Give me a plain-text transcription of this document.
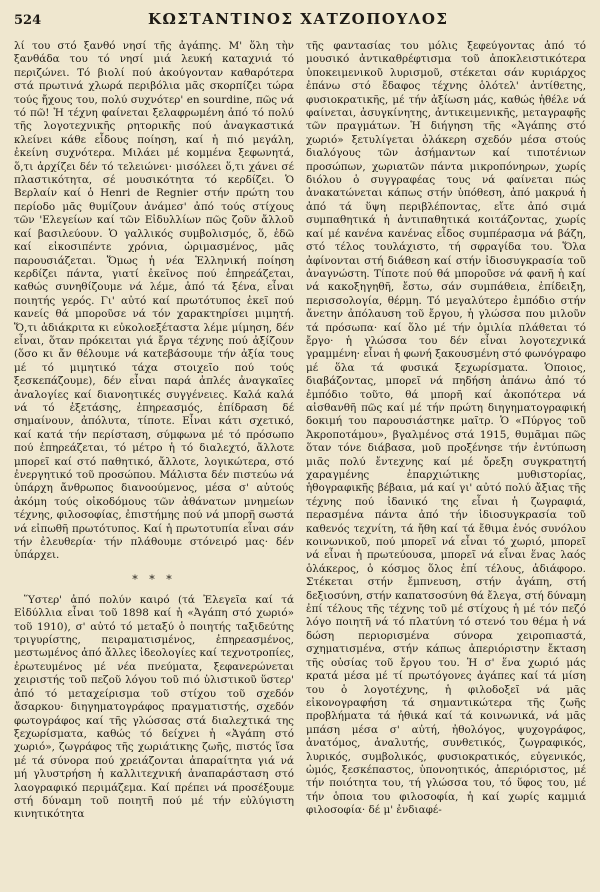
524	ΚΩΣΤΑΝΤΙΝΟΣ ΧΑΤΖΟΠΟΥΛΟΣ

λί του στό ξανθό νησί τῆς ἀγάπης. Μ' ὅλη τὴν ξανθάδα του τό νησί μιά λευκή καταχνιά τό περιζώνει. Τό βιολί πού ἀκούγονταν καθαρότερα στά πρωτινά χλωρά περιβόλια μᾶς σκορπίζει τώρα τούς ἤχους του, πολύ συχνότερ' en sourdine, πῶς νά τό πῶ! Ἡ τέχνη φαίνεται ξελαφρωμένη ἀπό τό πολύ τῆς λογοτεχνικῆς ρητορικῆς πού ἀναγκαστικά κλείνει κάθε εἶδους ποίηση, καί ἡ πιό μεγάλη, ἐκείνη συχνότερα. Μιλάει μέ κομμένα ξεφωνητά, ὅ,τι ἀρχίζει δέν τό τελειώνει· μισόλεει ὅ,τι χάνει σέ πλαστικότητα, σέ μουσικότητα τό κερδίζει. Ὁ Βερλαίν καί ὁ Henri de Regnier στήν πρώτη του περίοδο μᾶς θυμίζουν ἀνάμεσ' ἀπό τούς στίχους τῶν 'Ελεγείων καί τῶν Εἰδυλλίων πῶς ζοῦν ἄλλοῦ καί βασιλεύουν. Ὁ γαλλικός συμβολισμός, ὅ, ἐδῶ καί εἰκοσιπέντε χρόνια, ὡριμασμένος, μᾶς παρουσιάζεται. Ὅμως ἡ νέα Ἑλληνική ποίηση κερδίζει πάντα, γιατί ἐκεῖνος πού ἐπηρεάζεται, καθώς συνηθίζουμε νά λέμε, ἀπό τά ξένα, εἶναι ποιητής γερός. Γι' αὐτό καί πρωτότυπος ἐκεῖ πού κανείς θά μποροῦσε νά τόν χαρακτηρίσει μιμητή. Ὅ,τι ἀδιάκριτα κι εὐκολοεξέταστα λέμε μίμηση, δέν εἶναι, ὅταν πρόκειται γιά ἔργα τέχνης πού ἀξίζουν (ὅσο κι ἄν θέλουμε νά κατεβάσουμε τήν ἀξία τους μέ τό μιμητικό τάχα στοιχεῖο πού τούς ξεσκεπάζουμε), δέν εἶναι παρά ἁπλές ἀναγκαῖες ἀναλογίες καί διανοητικές συγγένειες. Καλά καλά νά τό ἐξετάσης, ἐπηρεασμός, ἐπίδραση δέ σημαίνουν, ἀπόλυτα, τίποτε. Εἶναι κάτι σχετικό, καί κατά τήν περίσταση, σύμφωνα μέ τό πρόσωπο πού ἐπηρεάζεται, τό μέτρο ἡ τό διαλεχτό, ἄλλοτε μπορεῖ καί στό παθητικό, ἄλλοτε, λογικώτερα, στό ἐνεργητικό τοῦ προσώπου. Μάλιστα δέν πιστεύω νά ὑπάρχη ἄνθρωπος διανοούμενος, μέσα σ' αὐτούς ἀκόμη τούς οἰκοδόμους τῶν ἀθάνατων μνημείων τέχνης, φιλοσοφίας, ἐπιστήμης πού νά μπορῆ σωστά νά εἰπωθῆ πρωτότυπος. Καί ἡ πρωτοτυπία εἶναι σάν τήν ἐλευθερία· τήν πλάθουμε στόνειρό μας· δέν ὑπάρχει.

* * *

Ὕστερ' ἀπό πολύν καιρό (τά Ἐλεγεῖα καί τά Εἰδύλλια εἶναι τοῦ 1898 καί ἡ «Ἀγάπη στό χωριό» τοῦ 1910), σ' αὐτό τό μεταξύ ὁ ποιητής ταξιδεύτης τριγυρίστης, πειραματισμένος, ἐπηρεασμένος, μεστωμένος ἀπό ἄλλες ἰδεολογίες καί τεχνοτροπίες, ἐρωτευμένος μέ νέα πνεύματα, ξεφανερώνεται χειριστής τοῦ πεζοῦ λόγου τοῦ πιό ὑλιστικοῦ ὕστερ' ἀπό τό μεταχείρισμα τοῦ στίχου τοῦ σχεδόν ἄσαρκου· διηγηματογράφος πραγματιστής, σχεδόν φωτογράφος καί τῆς γλώσσας στά διαλεχτικά της ξεχωρίσματα, καθώς τό δείχνει ἡ «Ἀγάπη στό χωριό», ζωγράφος τῆς χωριάτικης ζωῆς, πιστός ἴσα μέ τά σύνορα πού χρειάζονται ἀπαραίτητα γιά νά μή γλυστρήση ἡ καλλιτεχνική ἀναπαράσταση στό λαογραφικό περιμάζεμα. Καί πρέπει νά προσέξουμε στή δύναμη τοῦ ποιητῆ πού μέ τήν εὐλύγιστη κινητικότητα

τῆς φαντασίας του μόλις ξεφεύγοντας ἀπό τό μουσικό ἀντικαθρέφτισμα τοῦ ἀποκλειστικότερα ὑποκειμενικοῦ λυρισμοῦ, στέκεται σάν κυριάρχος ἐπάνω στό ἔδαφος τέχνης ὁλότελ' ἀντίθετης, φυσιοκρατικῆς, μέ τήν ἀξίωση μάς, καθώς ἡθέλε νά φαίνεται, ἀσυγκίνητης, ἀντικειμενικῆς, μεταγραφῆς τῶν πραγμάτων. Ἡ διήγηση τῆς «Ἀγάπης στό χωριό» ξετυλίγεται ὁλάκερη σχεδόν μέσα στούς διαλόγους τῶν ἀσήμαντων καί τιποτένιων προσώπων, χωριατῶν πάντα μικροπόνηρων, χωρίς διόλου ὁ συγγραφέας τους νά φαίνεται πώς ἀνακατώνεται κάπως στήν ὑπόθεση, ἀπό μακρυά ἡ ἀπό τά ὕψη περιβλέποντας, εἴτε ἀπό σιμά συμπαθητικά ἡ ἀντιπαθητικά κοιτάζοντας, χωρίς καί μέ κανένα κανένας εἶδος συμπέρασμα νά βάζη, στό τέλος τουλάχιστο, τή σφραγίδα του. Ὅλα ἀφίνονται στή διάθεση καί στήν ἰδιοσυγκρασία τοῦ ἀναγνώστη. Τίποτε πού θά μποροῦσε νά φανῆ ἡ καί νά κακοξηγηθῆ, ἔστω, σάν συμπάθεια, ἐπίδειξη, περισσολογία, θέρμη. Τό μεγαλύτερο ἐμπόδιο στήν ἄνετην ἀπόλαυση τοῦ ἔργου, ἡ γλώσσα που μιλοῦν τά πρόσωπα· καί ὅλο μέ τήν ὁμιλία πλάθεται τό ἔργο· ἡ γλώσσα του δέν εἶναι λογοτεχνικά γραμμένη· εἶναι ἡ φωνή ξακουσμένη στό φωνόγραφο μέ ὅλα τά φυσικά ξεχωρίσματα. Ὁποιος, διαβάζοντας, μπορεῖ νά πηδήση ἀπάνω ἀπό τό ἐμπόδιο τοῦτο, θά μπορῆ καί ἀκοπότερα νά αἰσθανθῆ πῶς καί μέ τήν πρώτη διηγηματογραφική δοκιμή του παρουσιάστηκε μαῖτρ. Ὁ «Πύργος τοῦ Ἀκροποτάμου», βγαλμένος στά 1915, θυμᾶμαι πῶς ὅταν τόνε διάβασα, μοῦ προξένησε τήν ἐντύπωση μιᾶς πολύ ἔντεχνης καί μέ ὄρεξη συγκρατητή χαραγμένης ἐπαρχιώτικης μυθιστορίας, ἡθογραφικῆς βέβαια, μά καί γι' αὐτό πολύ ἄξιας τῆς τέχνης πού ἰδανικό της εἶναι ἡ ζωγραφιά, περασμένα πάντα ἀπό τήν ἰδιοσυγκρασία τοῦ καθενός τεχνίτη, τά ἤθη καί τά ἔθιμα ἑνός συνόλου κοινωνικοῦ, πού μπορεῖ νά εἶναι τό χωριό, μπορεῖ νά εἶναι ἡ πρωτεύουσα, μπορεῖ νά εἶναι ἕνας λαός ὁλάκερος, ὁ κόσμος ὅλος ἐπί τέλους, ἀδιάφορο. Στέκεται στήν ἔμπνευση, στήν ἀγάπη, στή δεξιοσύνη, στήν καπατσοσύνη θά ἔλεγα, στή δύναμη ἐπί τέλους τῆς τέχνης τοῦ μέ στίχους ἡ μέ τόν πεζό λόγο ποιητῆ νά τό πλατύνη τό στενό του θέμα ἡ νά δώση περιορισμένα σύνορα χειροπιαστά, σχηματισμένα, στήν κάπως ἀπεριόριστην ἔκταση τῆς οὐσίας τοῦ ἔργου του. Ἡ σ' ἕνα χωριό μάς κρατά μέσα μέ τί πρωτόγονες ἀγάπες καί τά μίση του ὁ λογοτέχνης, ἡ φιλοδοξεῖ νά μᾶς εἰκονογραφήση τά σημαντικώτερα τῆς ζωῆς προβλήματα τά ἠθικά καί τά κοινωνικά, νά μᾶς μπάση μέσα σ' αὐτή, ἠθολόγος, ψυχογράφος, ἀνατόμος, ἀναλυτής, συνθετικός, ζωγραφικός, λυρικός, συμβολικός, φυσιοκρατικός, εὐγενικός, ὠμός, ξεσκέπαστος, ὑπονοητικός, ἀπεριόριστος, μέ τήν ποιότητα του, τή γλώσσα του, τό ὕφος του, μέ τήν ὁποια του φιλοσοφία, ἡ καί χωρίς καμμιά φιλοσοφία· δέ μ' ἐνδιαφέ-
